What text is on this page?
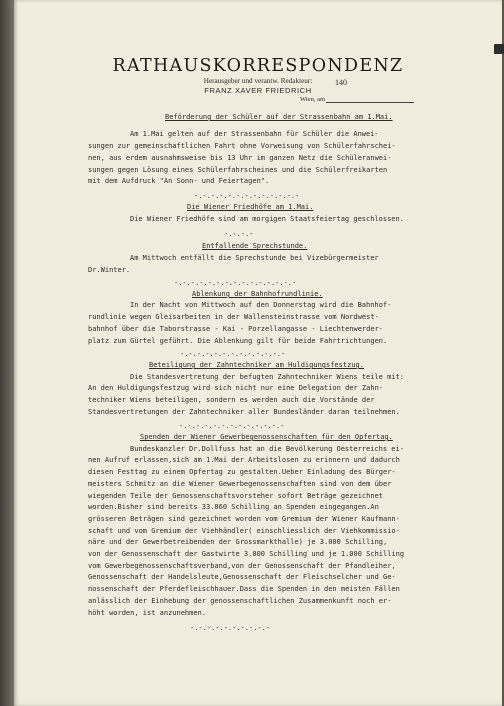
RATHAUSKORRESPONDENZ
Herausgeber und verantw. Redakteur:
FRANZ XAVER FRIEDRICH
140
Wien, am
Beförderung der Schüler auf der Strassenbahn am 1.Mai.
Am 1.Mai gelten auf der Strassenbahn für Schüler die Anwei-
sungen zur gemeinschaftlichen Fahrt ohne Vorweisung von Schülerfahrschei-
nen, aus erdem ausnahmsweise bis 13 Uhr im ganzen Netz die Schüleranwei-
sungen gegen Lösung eines Schülerfahrscheines und die Schülerfreikarten
mit dem Aufdruck "An Sonn- und Feiertagen".
-.-.-.-.-.-.-.-.-.-.-.-.-
Die Wiener Friedhöfe am 1.Mai.
Die Wiener Friedhöfe sind am morgigen Staatsfeiertag geschlossen.
-.-.-.-
Entfallende Sprechstunde.
Am Mittwoch entfällt die Sprechstunde bei Vizebürgermeister
Dr.Winter.
-.-.-.-.-.-.-.-.-.-.-.-.-.-.-
Ablenkung der Bahnhofrundlinie.
In der Nacht von Mittwoch auf den Donnerstag wird die Bahnhof-
rundlinie wegen Gleisarbeiten in der Wallensteinstrasse vom Nordwest-
bahnhof über die Taborstrasse - Kai - Porzellangasse - Liechtenwerder-
platz zum Gürtel geführt. Die Ablenkung gilt für beide Fahrtrichtungen.
-.-.-.-.-.-.-.-.-.-.-.-.-
Beteiligung der Zahntechniker am Huldigungsfestzug.
Die Standesvertretung der befugten Zahntechniker Wiens teile mit:
An den Huldigungsfestzug wird sich nicht nur eine Delegation der Zahn-
techniker Wiens beteiligen, sondern es werden auch die Vorstände der
Standesvertretungen der Zahntechniker aller Bundesländer daran teilnehmen.
-.-.-.-.-.-.-.-.-.-.-.-.-
Spenden der Wiener Gewerbegenossenschaften für den Opfertag.
Bundeskanzler Dr.Dollfuss hat an die Bevölkerung Oesterreichs ei-
nen Aufruf erlassen,sich am 1.Mai der Arbeitslosen zu erinnern und dadurch
diesen Festtag zu einem Opfertag zu gestalten.Ueber Einladung des Bürger-
meisters Schmitz an die Wiener Gewerbegenossenschaften sind von dem über
wiegenden Teile der Genossenschaftsvorsteher sofort Beträge gezeichnet
worden.Bisher sind bereits 33.860 Schilling an Spenden eingegangen.An
grösseren Beträgen sind gezeichnet worden vom Gremium der Wiener Kaufmann-
schaft und vom Gremium der Viehhändler( einschliesslich der Viehkommissio-
näre und der Gewerbetreibenden der Grossmarkthalle) je 3.000 Schilling,
von der Genossenschaft der Gastwirte 3.000 Schilling und je 1.000 Schilling
vom Gewerbegenossenschaftsverband,von der Genossenschaft der Pfandleiher,
Genossenschaft der Handelsleute,Genossenschaft der Fleischselcher und Ge-
nossenschaft der Pferdefleischhauer.Dass die Spenden in den meisten Fällen
anlässlich der Einhebung der genossenschaftlichen Zusammenkunft noch er-
höht worden, ist anzunehmen.
-.-.-.-.-.-.-.-.-.-
